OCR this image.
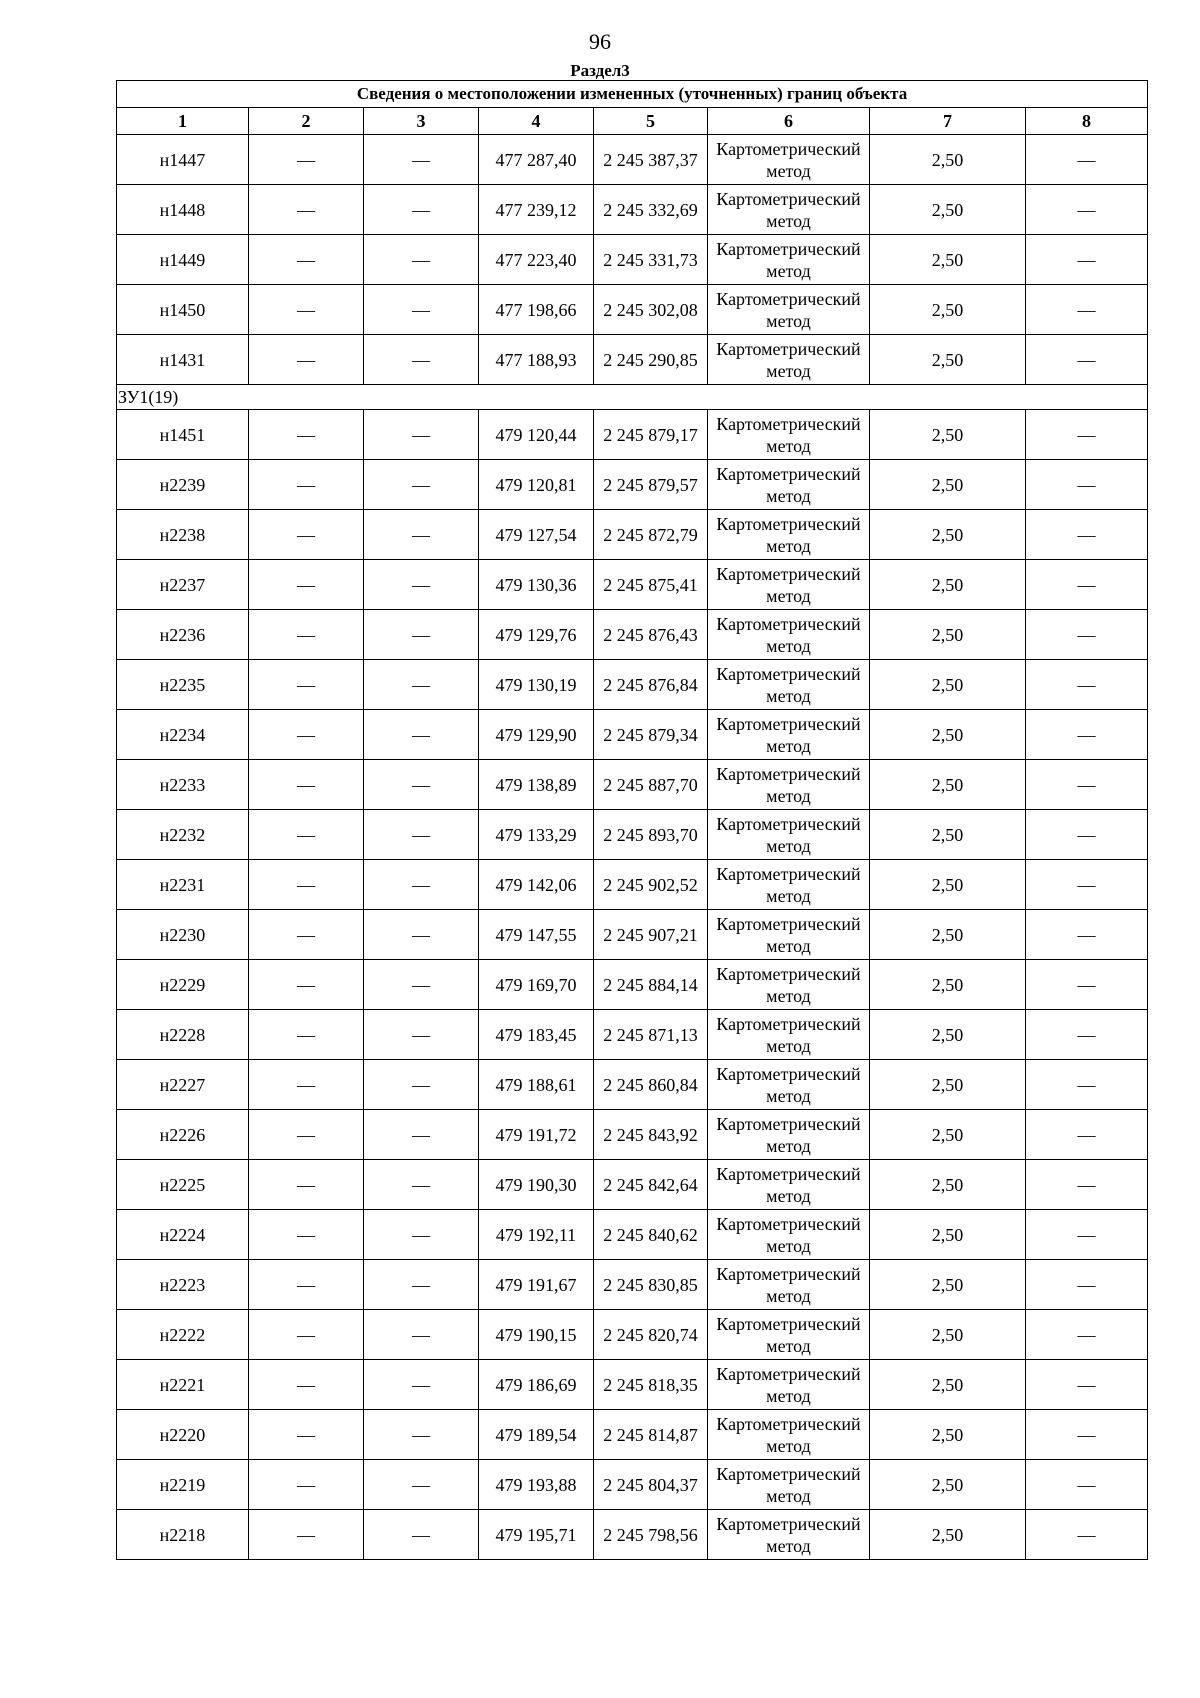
96
Раздел3
Сведения о местоположении измененных (уточненных) границ объекта							
1	2	3	4	5	6	7	8
н1447	—	—	477 287,40	2 245 387,37	Картометрический метод	2,50	—
н1448	—	—	477 239,12	2 245 332,69	Картометрический метод	2,50	—
н1449	—	—	477 223,40	2 245 331,73	Картометрический метод	2,50	—
н1450	—	—	477 198,66	2 245 302,08	Картометрический метод	2,50	—
н1431	—	—	477 188,93	2 245 290,85	Картометрический метод	2,50	—
ЗУ1(19)							
н1451	—	—	479 120,44	2 245 879,17	Картометрический метод	2,50	—
н2239	—	—	479 120,81	2 245 879,57	Картометрический метод	2,50	—
н2238	—	—	479 127,54	2 245 872,79	Картометрический метод	2,50	—
н2237	—	—	479 130,36	2 245 875,41	Картометрический метод	2,50	—
н2236	—	—	479 129,76	2 245 876,43	Картометрический метод	2,50	—
н2235	—	—	479 130,19	2 245 876,84	Картометрический метод	2,50	—
н2234	—	—	479 129,90	2 245 879,34	Картометрический метод	2,50	—
н2233	—	—	479 138,89	2 245 887,70	Картометрический метод	2,50	—
н2232	—	—	479 133,29	2 245 893,70	Картометрический метод	2,50	—
н2231	—	—	479 142,06	2 245 902,52	Картометрический метод	2,50	—
н2230	—	—	479 147,55	2 245 907,21	Картометрический метод	2,50	—
н2229	—	—	479 169,70	2 245 884,14	Картометрический метод	2,50	—
н2228	—	—	479 183,45	2 245 871,13	Картометрический метод	2,50	—
н2227	—	—	479 188,61	2 245 860,84	Картометрический метод	2,50	—
н2226	—	—	479 191,72	2 245 843,92	Картометрический метод	2,50	—
н2225	—	—	479 190,30	2 245 842,64	Картометрический метод	2,50	—
н2224	—	—	479 192,11	2 245 840,62	Картометрический метод	2,50	—
н2223	—	—	479 191,67	2 245 830,85	Картометрический метод	2,50	—
н2222	—	—	479 190,15	2 245 820,74	Картометрический метод	2,50	—
н2221	—	—	479 186,69	2 245 818,35	Картометрический метод	2,50	—
н2220	—	—	479 189,54	2 245 814,87	Картометрический метод	2,50	—
н2219	—	—	479 193,88	2 245 804,37	Картометрический метод	2,50	—
н2218	—	—	479 195,71	2 245 798,56	Картометрический метод	2,50	—
